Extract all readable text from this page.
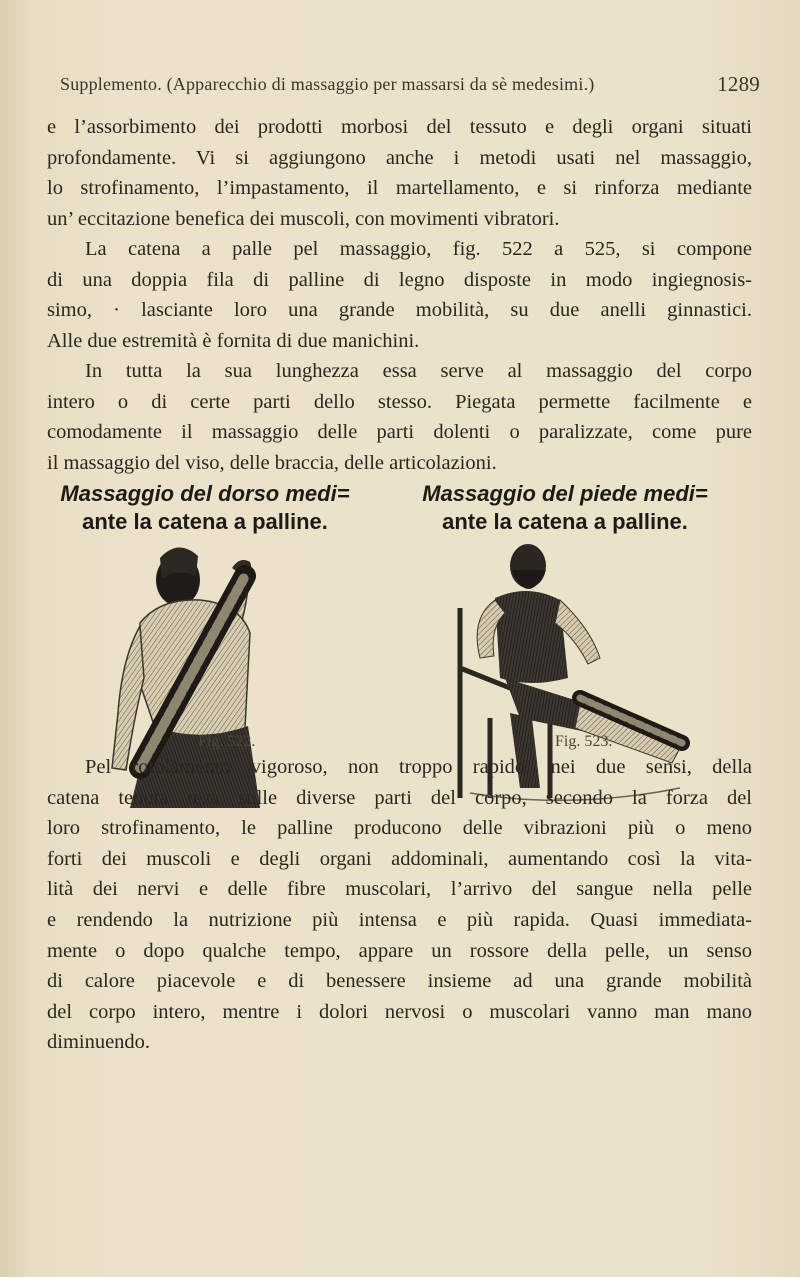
Supplemento. (Apparecchio di massaggio per massarsi da sè medesimi.)	1289
e l’assorbimento dei prodotti morbosi del tessuto e degli organi situati
profondamente. Vi si aggiungono anche i metodi usati nel massaggio,
lo strofinamento, l’impastamento, il martellamento, e si rinforza mediante
un’ eccitazione benefica dei muscoli, con movimenti vibratori.
La catena a palle pel massaggio, fig. 522 a 525, si compone
di una doppia fila di palline di legno disposte in modo ingiegnosis-
simo, · lasciante loro una grande mobilità, su due anelli ginnastici.
Alle due estremità è fornita di due manichini.
In tutta la sua lunghezza essa serve al massaggio del corpo
intero o di certe parti dello stesso. Piegata permette facilmente e
comodamente il massaggio delle parti dolenti o paralizzate, come pure
il massaggio del viso, delle braccia, delle articolazioni.
Massaggio del dorso medi=
ante la catena a palline.
Massaggio del piede medi=
ante la catena a palline.
Fig. 522.	Fig. 523.
Pel rotolamento vigoroso, non troppo rapido, nei due sensi, della
catena tenuta tesa sulle diverse parti del corpo, secondo la forza del
loro strofinamento, le palline producono delle vibrazioni più o meno
forti dei muscoli e degli organi addominali, aumentando così la vita-
lità dei nervi e delle fibre muscolari, l’arrivo del sangue nella pelle
e rendendo la nutrizione più intensa e più rapida. Quasi immediata-
mente o dopo qualche tempo, appare un rossore della pelle, un senso
di calore piacevole e di benessere insieme ad una grande mobilità
del corpo intero, mentre i dolori nervosi o muscolari vanno man mano
diminuendo.
